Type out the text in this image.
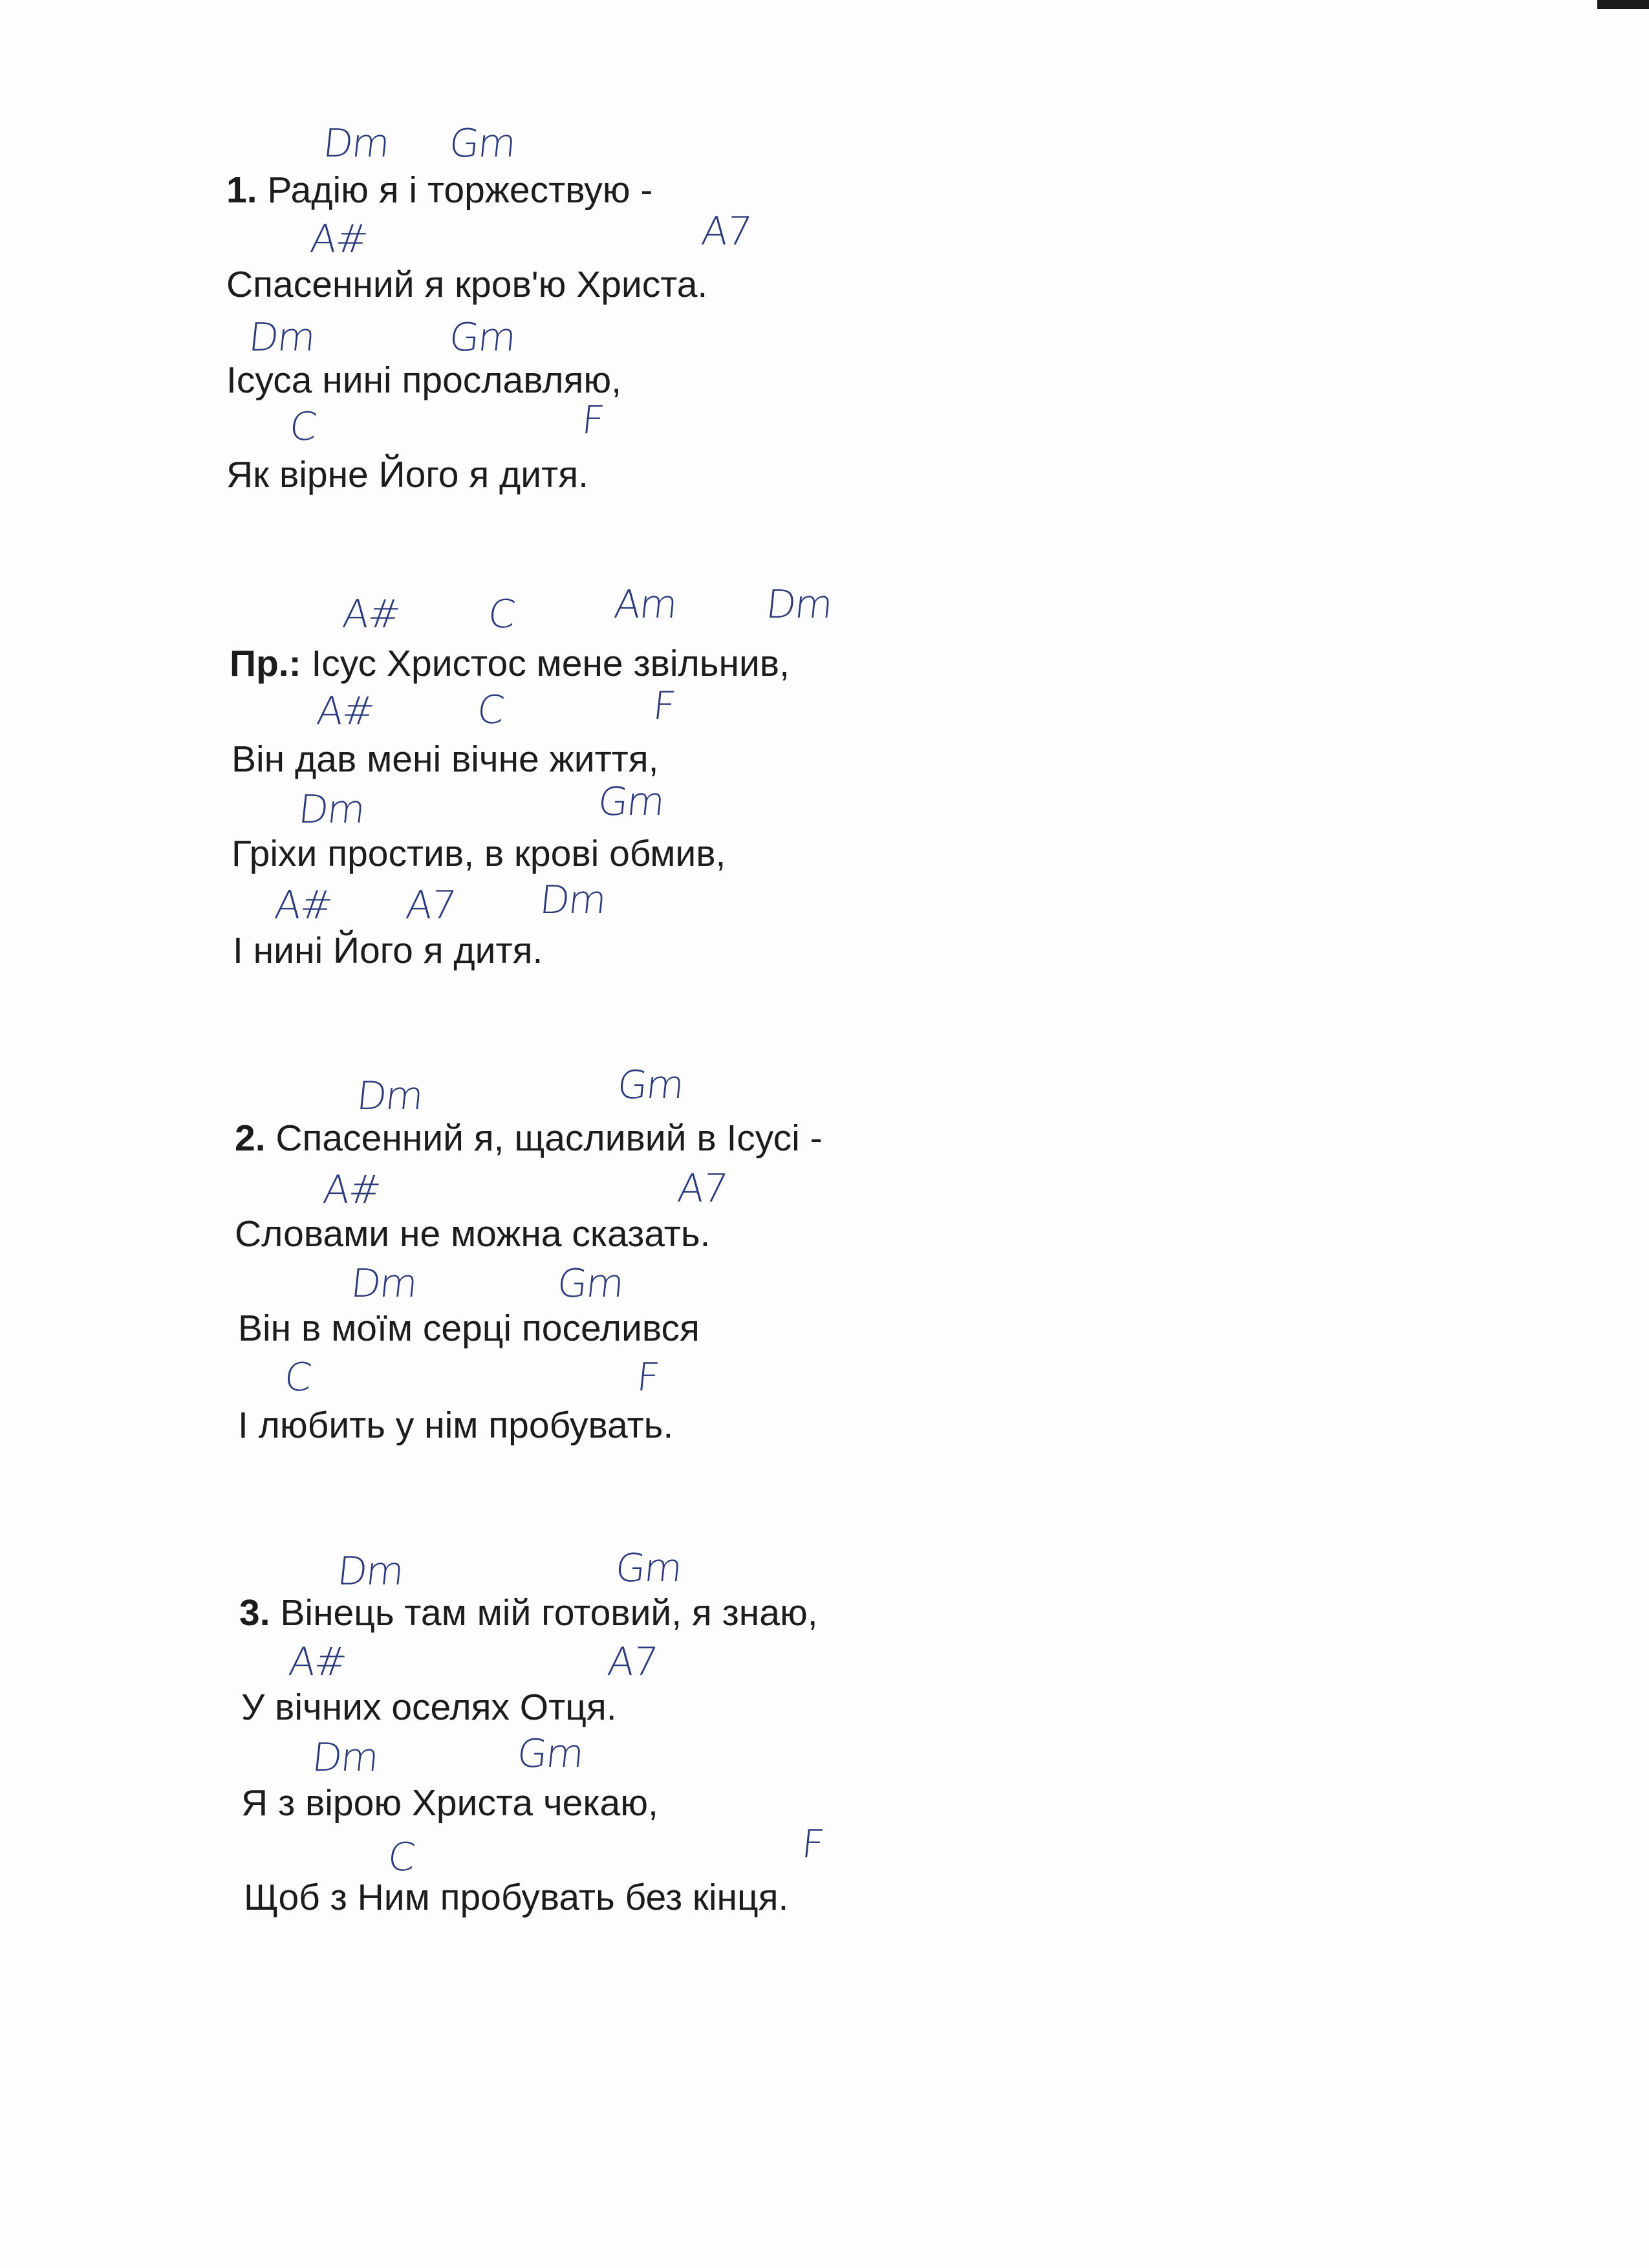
Dm Gm
1. Радію я і торжествую -
A#	A7
Спасенний я кров'ю Христа.
Dm	Gm
Ісуса нині прославляю,
C	F
Як вірне Його я дитя.
A# C Am Dm
Пр.: Ісус Христос мене звільнив,
A#	C	F
Він дав мені вічне життя,
Dm	Gm
Гріхи простив, в крові обмив,
A# A7 Dm
І нині Його я дитя.
Dm	Gm
2. Спасенний я, щасливий в Ісусі -
A#	A7
Словами не можна сказать.
Dm	Gm
Він в моїм серці поселився
C	F
І любить у нім пробувать.
Dm	Gm
3. Вінець там мій готовий, я знаю,
A#	A7
У вічних оселях Отця.
Dm	Gm
Я з вірою Христа чекаю,
C	F
Щоб з Ним пробувать без кінця.
